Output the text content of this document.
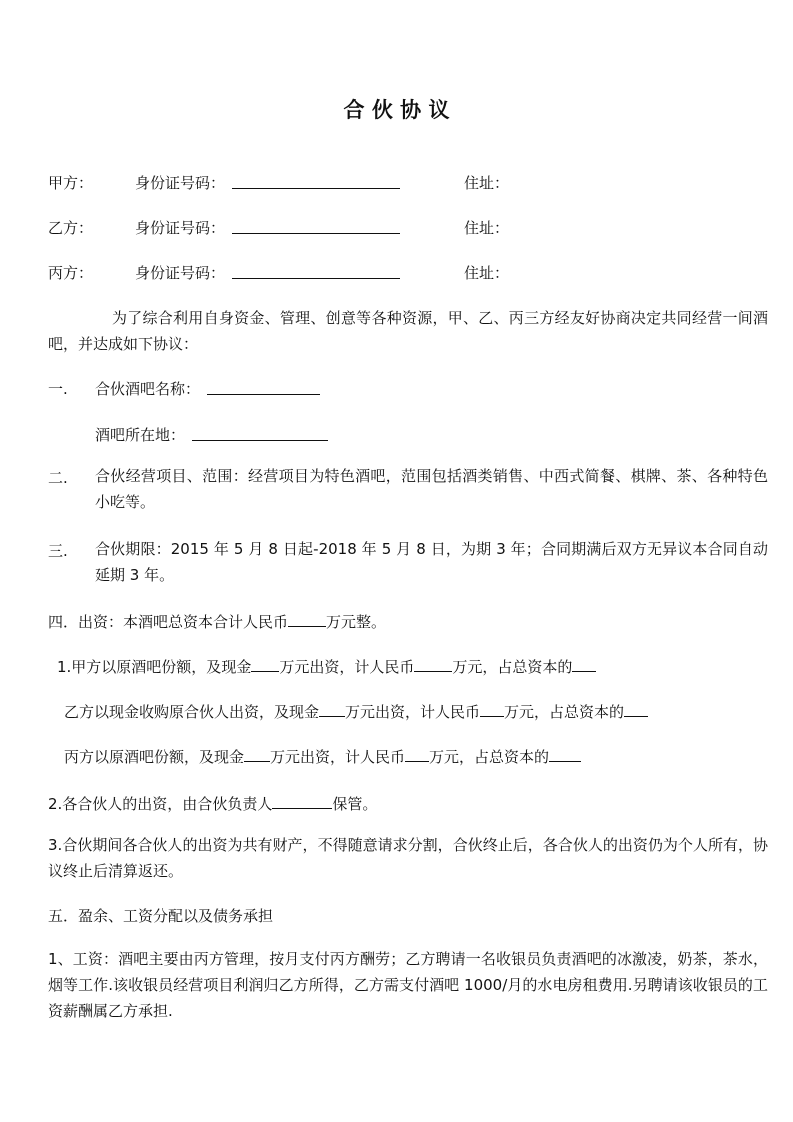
合 伙 协 议
甲方：	身份证号码：	住址：
乙方：	身份证号码：	住址：
丙方：	身份证号码：	住址：
为了综合利用自身资金、管理、创意等各种资源，甲、乙、丙三方经友好协商决定共同经营一间酒吧，并达成如下协议：
一. 合伙酒吧名称：
酒吧所在地：
二. 合伙经营项目、范围：经营项目为特色酒吧，范围包括酒类销售、中西式简餐、棋牌、茶、各种特色小吃等。
三. 合伙期限：2015 年 5 月 8 日起-2018 年 5 月 8 日，为期 3 年；合同期满后双方无异议本合同自动延期 3 年。
四．出资：本酒吧总资本合计人民币	万元整。
1.甲方以原酒吧份额，及现金 万元出资，计人民币	万元，占总资本的
乙方以现金收购原合伙人出资，及现金 万元出资，计人民币 万元，占总资本的
丙方以原酒吧份额，及现金 万元出资，计人民币 万元，占总资本的
2.各合伙人的出资，由合伙负责人	保管。
3.合伙期间各合伙人的出资为共有财产，不得随意请求分割，合伙终止后，各合伙人的出资仍为个人所有，协议终止后清算返还。
五．盈余、工资分配以及债务承担
1、工资：酒吧主要由丙方管理，按月支付丙方酬劳；乙方聘请一名收银员负责酒吧的冰激凌，奶茶，茶水，烟等工作.该收银员经营项目利润归乙方所得，乙方需支付酒吧 1000/月的水电房租费用.另聘请该收银员的工资薪酬属乙方承担.
